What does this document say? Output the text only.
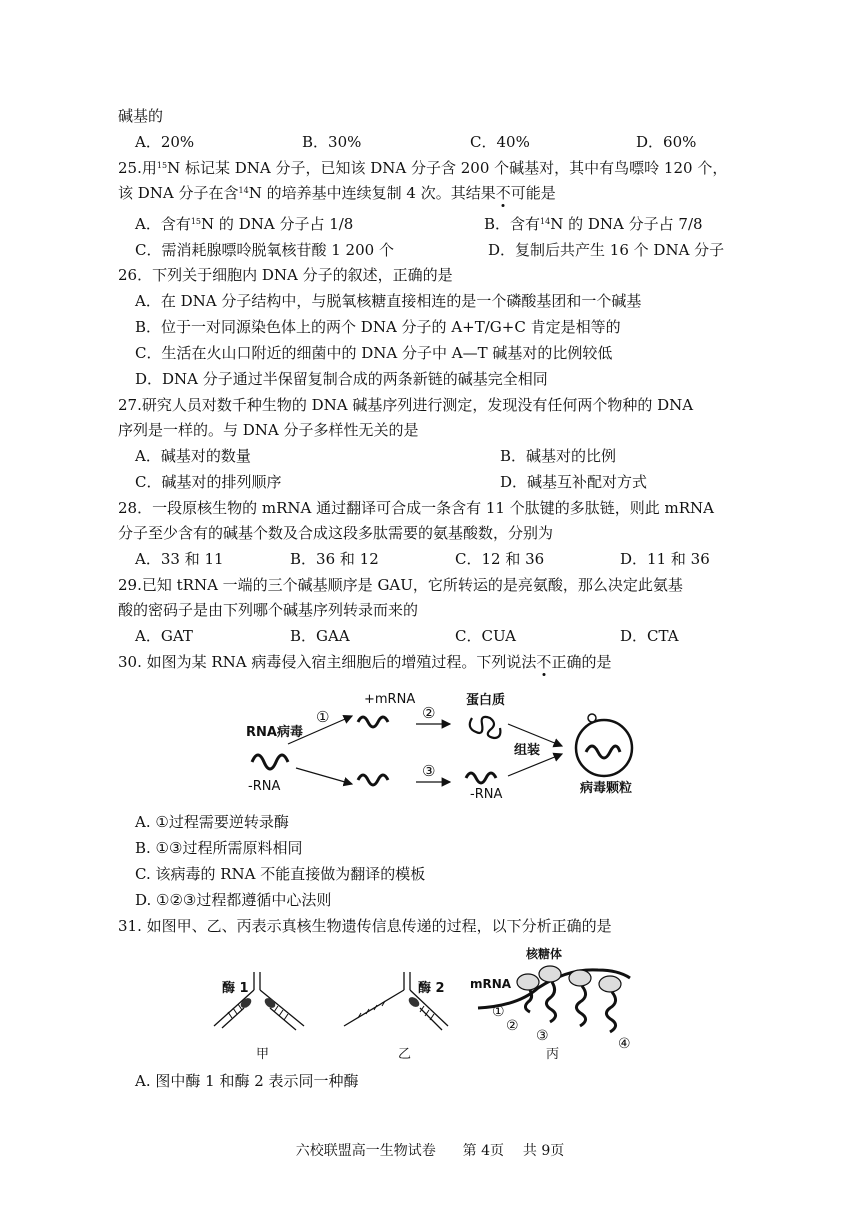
碱基的
A．20%	B．30%	C．40%	D．60%
25.用$^{15}$N 标记某 DNA 分子，已知该 DNA 分子含 200 个碱基对，其中有鸟嘌呤 120 个，
该 DNA 分子在含$^{14}$N 的培养基中连续复制 4 次。其结果不可能是
A．含有$^{15}$N 的 DNA 分子占 1/8	B．含有$^{14}$N 的 DNA 分子占 7/8
C．需消耗腺嘌呤脱氧核苷酸 1 200 个	D．复制后共产生 16 个 DNA 分子
26．下列关于细胞内 DNA 分子的叙述，正确的是
A．在 DNA 分子结构中，与脱氧核糖直接相连的是一个磷酸基团和一个碱基
B．位于一对同源染色体上的两个 DNA 分子的 A+T/G+C 肯定是相等的
C．生活在火山口附近的细菌中的 DNA 分子中 A—T 碱基对的比例较低
D．DNA 分子通过半保留复制合成的两条新链的碱基完全相同
27.研究人员对数千种生物的 DNA 碱基序列进行测定，发现没有任何两个物种的 DNA
序列是一样的。与 DNA 分子多样性无关的是
A．碱基对的数量	B．碱基对的比例
C．碱基对的排列顺序	D．碱基互补配对方式
28．一段原核生物的 mRNA 通过翻译可合成一条含有 11 个肽键的多肽链，则此 mRNA
分子至少含有的碱基个数及合成这段多肽需要的氨基酸数，分别为
A．33 和 11	B．36 和 12	C．12 和 36	D．11 和 36
29.已知 tRNA 一端的三个碱基顺序是 GAU，它所转运的是亮氨酸，那么决定此氨基
酸的密码子是由下列哪个碱基序列转录而来的
A．GAT	B．GAA	C．CUA	D．CTA
30. 如图为某 RNA 病毒侵入宿主细胞后的增殖过程。下列说法不正确的是
RNA病毒
-RNA
①
+mRNA
②
③
蛋白质
-RNA
组装
病毒颗粒
A. ①过程需要逆转录酶
B. ①③过程所需原料相同
C. 该病毒的 RNA 不能直接做为翻译的模板
D. ①②③过程都遵循中心法则
31. 如图甲、乙、丙表示真核生物遗传信息传递的过程，以下分析正确的是
酶 1
甲
酶 2
乙
核糖体
mRNA
①
②
③	④
丙
A. 图中酶 1 和酶 2 表示同一种酶
六校联盟高一生物试卷 第 4页 共 9页
